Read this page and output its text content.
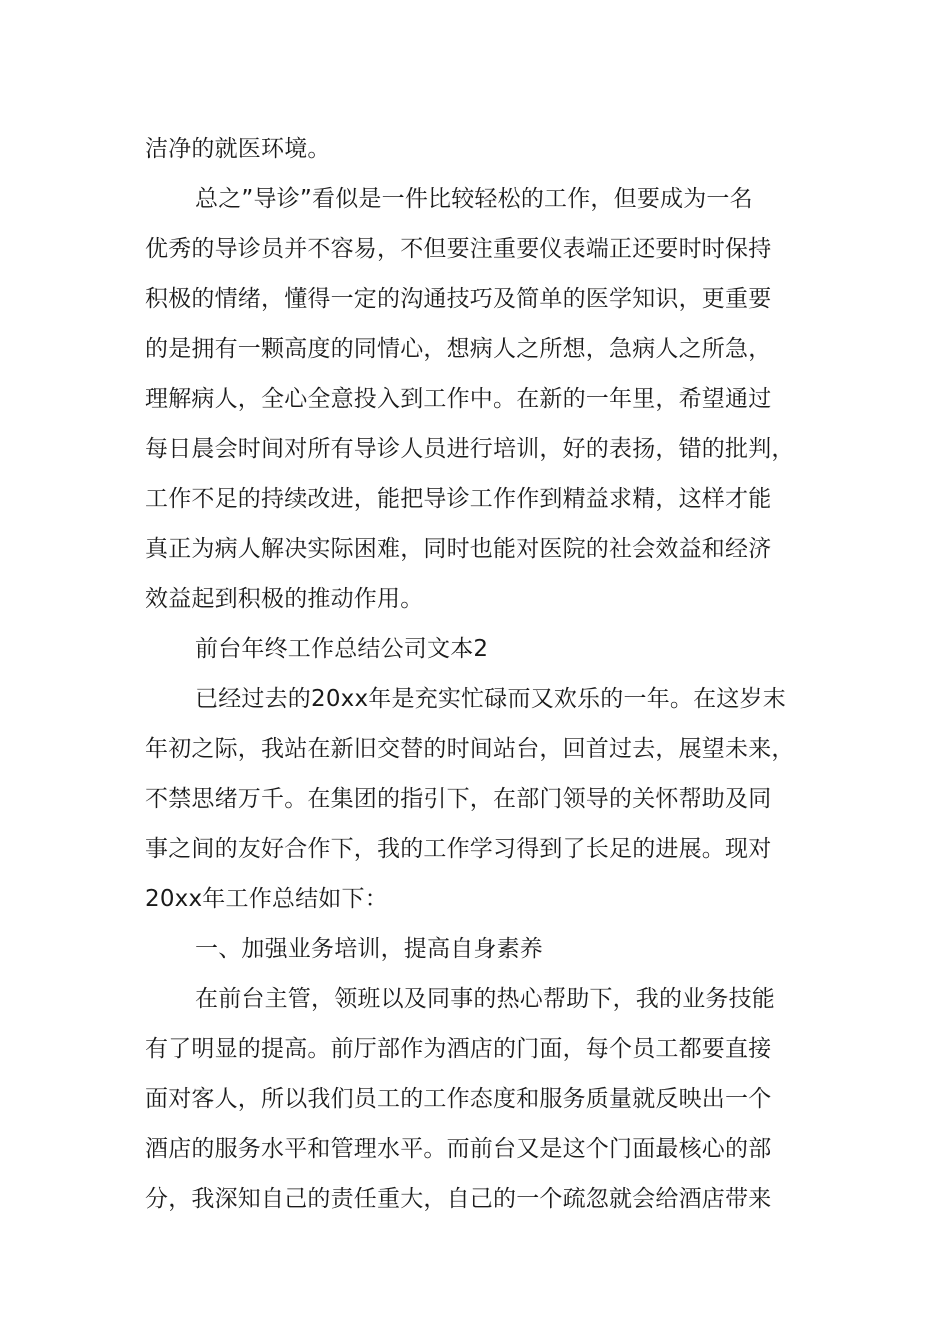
洁净的就医环境。
总之”导诊”看似是一件比较轻松的工作，但要成为一名
优秀的导诊员并不容易，不但要注重要仪表端正还要时时保持
积极的情绪，懂得一定的沟通技巧及简单的医学知识，更重要
的是拥有一颗高度的同情心，想病人之所想，急病人之所急，
理解病人，全心全意投入到工作中。在新的一年里，希望通过
每日晨会时间对所有导诊人员进行培训，好的表扬，错的批判，
工作不足的持续改进，能把导诊工作作到精益求精，这样才能
真正为病人解决实际困难，同时也能对医院的社会效益和经济
效益起到积极的推动作用。
前台年终工作总结公司文本2
已经过去的20xx年是充实忙碌而又欢乐的一年。在这岁末
年初之际，我站在新旧交替的时间站台，回首过去，展望未来，
不禁思绪万千。在集团的指引下，在部门领导的关怀帮助及同
事之间的友好合作下，我的工作学习得到了长足的进展。现对
20xx年工作总结如下：
一、加强业务培训，提高自身素养
在前台主管，领班以及同事的热心帮助下，我的业务技能
有了明显的提高。前厅部作为酒店的门面，每个员工都要直接
面对客人，所以我们员工的工作态度和服务质量就反映出一个
酒店的服务水平和管理水平。而前台又是这个门面最核心的部
分，我深知自己的责任重大，自己的一个疏忽就会给酒店带来
